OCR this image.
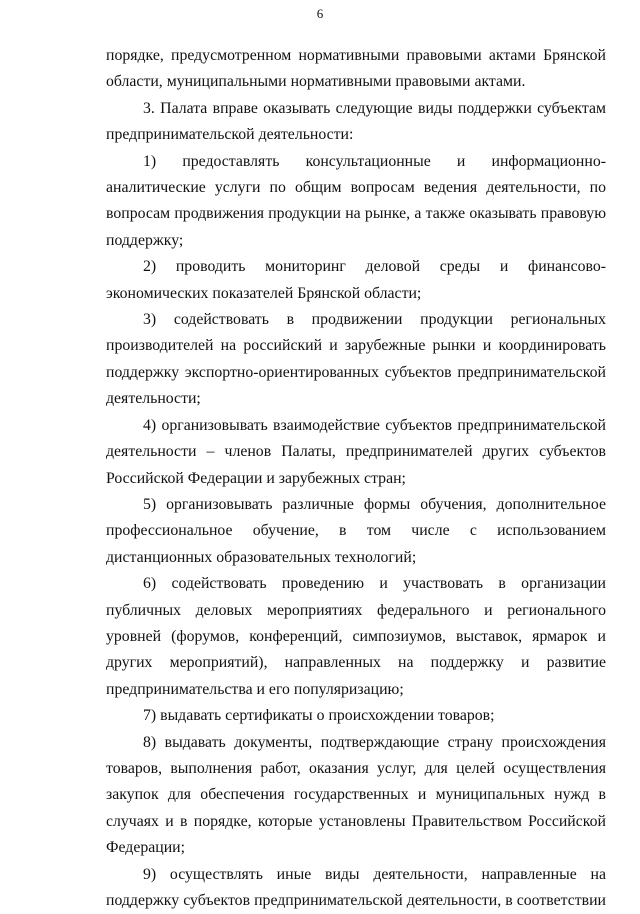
6

порядке, предусмотренном нормативными правовыми актами Брянской области, муниципальными нормативными правовыми актами.

3. Палата вправе оказывать следующие виды поддержки субъектам предпринимательской деятельности:

1) предоставлять консультационные и информационно-аналитические услуги по общим вопросам ведения деятельности, по вопросам продвижения продукции на рынке, а также оказывать правовую поддержку;

2) проводить мониторинг деловой среды и финансово-экономических показателей Брянской области;

3) содействовать в продвижении продукции региональных производителей на российский и зарубежные рынки и координировать поддержку экспортно-ориентированных субъектов предпринимательской деятельности;

4) организовывать взаимодействие субъектов предпринимательской деятельности – членов Палаты, предпринимателей других субъектов Российской Федерации и зарубежных стран;

5) организовывать различные формы обучения, дополнительное профессиональное обучение, в том числе с использованием дистанционных образовательных технологий;

6) содействовать проведению и участвовать в организации публичных деловых мероприятиях федерального и регионального уровней (форумов, конференций, симпозиумов, выставок, ярмарок и других мероприятий), направленных на поддержку и развитие предпринимательства и его популяризацию;

7) выдавать сертификаты о происхождении товаров;

8) выдавать документы, подтверждающие страну происхождения товаров, выполнения работ, оказания услуг, для целей осуществления закупок для обеспечения государственных и муниципальных нужд в случаях и в порядке, которые установлены Правительством Российской Федерации;

9) осуществлять иные виды деятельности, направленные на поддержку субъектов предпринимательской деятельности, в соответствии
